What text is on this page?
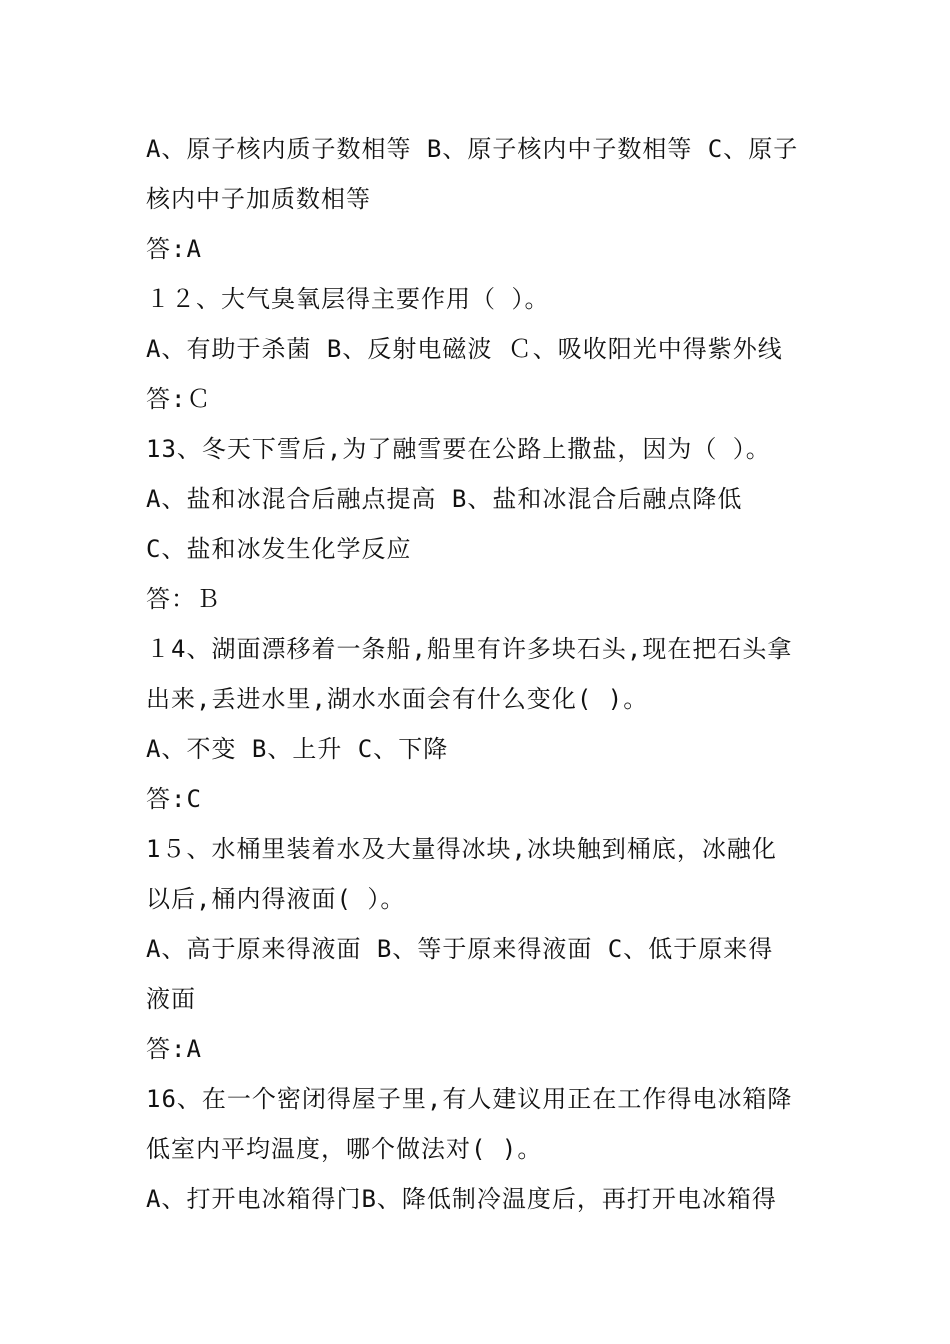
A、原子核内质子数相等 B、原子核内中子数相等 C、原子
核内中子加质数相等
答:A
１２、大气臭氧层得主要作用（ ）。
A、有助于杀菌 B、反射电磁波 Ｃ、吸收阳光中得紫外线
答:Ｃ
13、冬天下雪后,为了融雪要在公路上撒盐，因为（ ）。
A、盐和冰混合后融点提高 B、盐和冰混合后融点降低
C、盐和冰发生化学反应
答：Ｂ
１4、湖面漂移着一条船,船里有许多块石头,现在把石头拿
出来,丢进水里,湖水水面会有什么变化( )。
A、不变 B、上升 C、下降
答:C
1５、水桶里装着水及大量得冰块,冰块触到桶底，冰融化
以后,桶内得液面( ）。
A、高于原来得液面 B、等于原来得液面 C、低于原来得
液面
答:A
16、在一个密闭得屋子里,有人建议用正在工作得电冰箱降
低室内平均温度，哪个做法对( )。
A、打开电冰箱得门B、降低制冷温度后，再打开电冰箱得
